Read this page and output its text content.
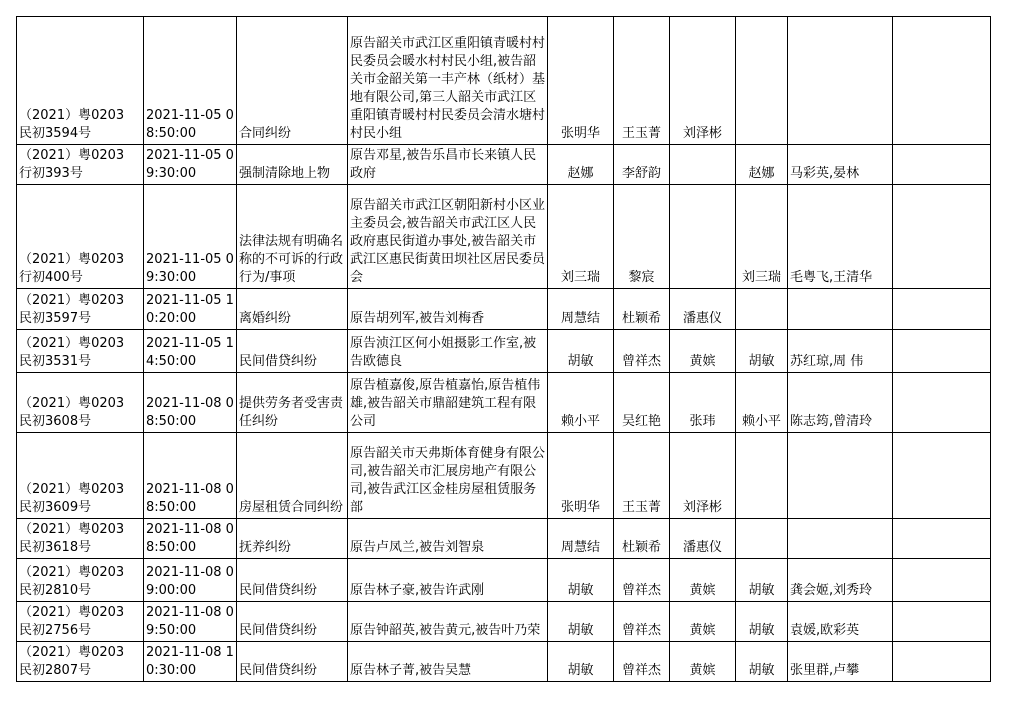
（2021）粤0203 民初3594号	2021-11-05 08:50:00	合同纠纷	原告韶关市武江区重阳镇青暖村村民委员会暖水村村民小组,被告韶关市金韶关第一丰产林（纸材）基地有限公司,第三人韶关市武江区重阳镇青暖村村民委员会清水塘村村民小组	张明华	王玉菁	刘泽彬			
（2021）粤0203 行初393号	2021-11-05 09:30:00	强制清除地上物	原告邓星,被告乐昌市长来镇人民政府	赵娜	李舒韵		赵娜	马彩英,晏林	
（2021）粤0203 行初400号	2021-11-05 09:30:00	法律法规有明确名称的不可诉的行政行为/事项	原告韶关市武江区朝阳新村小区业主委员会,被告韶关市武江区人民政府惠民街道办事处,被告韶关市武江区惠民街黄田坝社区居民委员会	刘三瑞	黎宸		刘三瑞	毛粤飞,王清华	
（2021）粤0203 民初3597号	2021-11-05 10:20:00	离婚纠纷	原告胡列军,被告刘梅香	周慧结	杜颖希	潘惠仪			
（2021）粤0203 民初3531号	2021-11-05 14:50:00	民间借贷纠纷	原告浈江区何小姐摄影工作室,被告欧德良	胡敏	曾祥杰	黄嫔	胡敏	苏红琼,周 伟	
（2021）粤0203 民初3608号	2021-11-08 08:50:00	提供劳务者受害责任纠纷	原告植嘉俊,原告植嘉怡,原告植伟雄,被告韶关市鼎韶建筑工程有限公司	赖小平	吴红艳	张玮	赖小平	陈志筠,曾清玲	
（2021）粤0203 民初3609号	2021-11-08 08:50:00	房屋租赁合同纠纷	原告韶关市天弗斯体育健身有限公司,被告韶关市汇展房地产有限公司,被告武江区金桂房屋租赁服务部	张明华	王玉菁	刘泽彬			
（2021）粤0203 民初3618号	2021-11-08 08:50:00	抚养纠纷	原告卢凤兰,被告刘智泉	周慧结	杜颖希	潘惠仪			
（2021）粤0203 民初2810号	2021-11-08 09:00:00	民间借贷纠纷	原告林子豪,被告许武刚	胡敏	曾祥杰	黄嫔	胡敏	龚会姬,刘秀玲	
（2021）粤0203 民初2756号	2021-11-08 09:50:00	民间借贷纠纷	原告钟韶英,被告黄元,被告叶乃荣	胡敏	曾祥杰	黄嫔	胡敏	袁媛,欧彩英	
（2021）粤0203 民初2807号	2021-11-08 10:30:00	民间借贷纠纷	原告林子菁,被告吴慧	胡敏	曾祥杰	黄嫔	胡敏	张里群,卢攀	
